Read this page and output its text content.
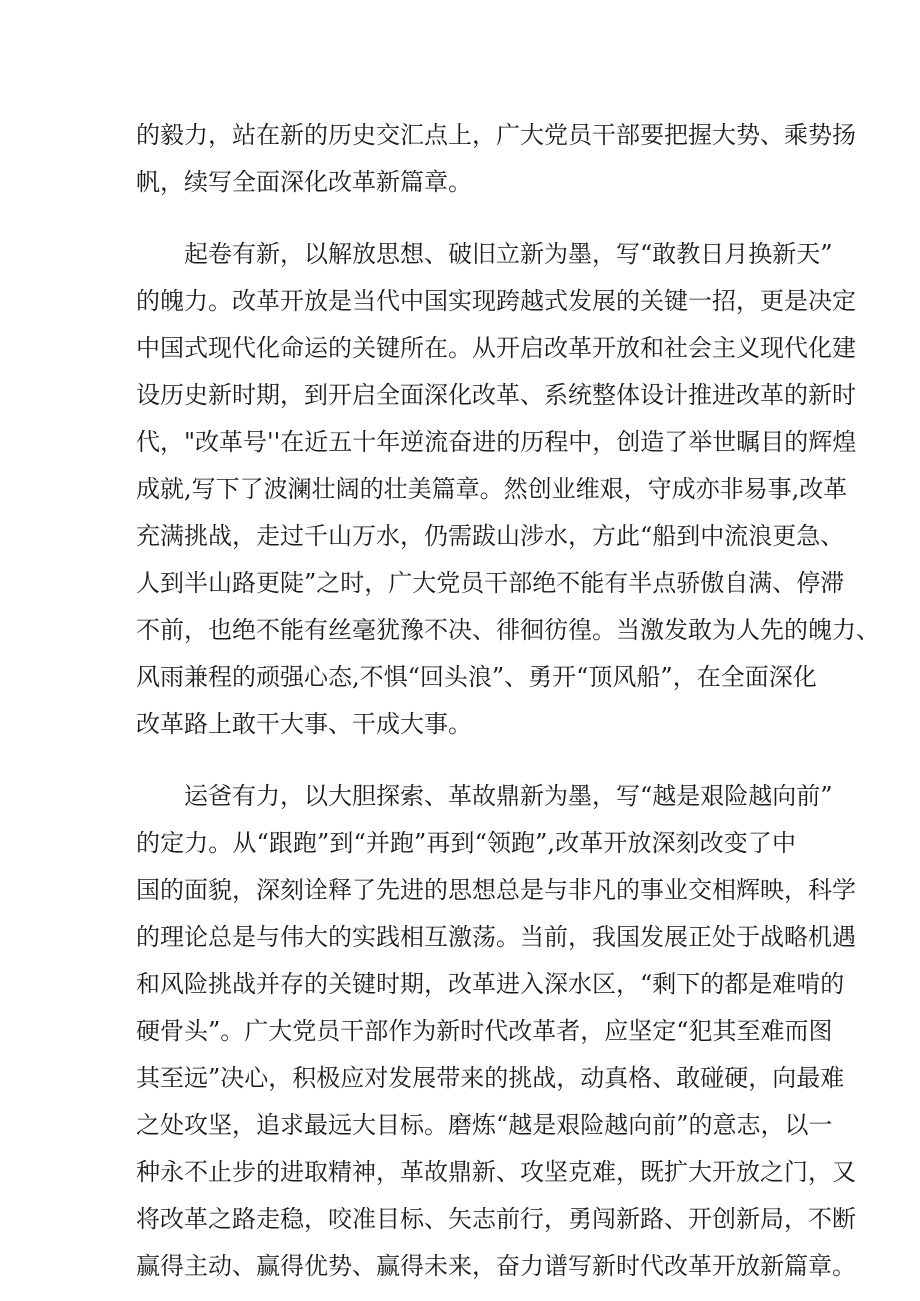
的毅力，站在新的历史交汇点上，广大党员干部要把握大势、乘势扬
帆，续写全面深化改革新篇章。
起卷有新，以解放思想、破旧立新为墨，写“敢教日月换新天”
的魄力。改革开放是当代中国实现跨越式发展的关键一招，更是决定
中国式现代化命运的关键所在。从开启改革开放和社会主义现代化建
设历史新时期，到开启全面深化改革、系统整体设计推进改革的新时
代，"改革号''在近五十年逆流奋进的历程中，创造了举世瞩目的辉煌
成就,写下了波澜壮阔的壮美篇章。然创业维艰，守成亦非易事,改革
充满挑战，走过千山万水，仍需跋山涉水，方此“船到中流浪更急、
人到半山路更陡”之时，广大党员干部绝不能有半点骄傲自满、停滞
不前，也绝不能有丝毫犹豫不决、徘徊彷徨。当激发敢为人先的魄力、
风雨兼程的顽强心态,不惧“回头浪”、勇开“顶风船”，在全面深化
改革路上敢干大事、干成大事。
运爸有力，以大胆探索、革故鼎新为墨，写“越是艰险越向前”
的定力。从“跟跑”到“并跑”再到“领跑”,改革开放深刻改变了中
国的面貌，深刻诠释了先进的思想总是与非凡的事业交相辉映，科学
的理论总是与伟大的实践相互激荡。当前，我国发展正处于战略机遇
和风险挑战并存的关键时期，改革进入深水区，“剩下的都是难啃的
硬骨头”。广大党员干部作为新时代改革者，应坚定“犯其至难而图
其至远”决心，积极应对发展带来的挑战，动真格、敢碰硬，向最难
之处攻坚，追求最远大目标。磨炼“越是艰险越向前”的意志，以一
种永不止步的进取精神，革故鼎新、攻坚克难，既扩大开放之门，又
将改革之路走稳，咬准目标、矢志前行，勇闯新路、开创新局，不断
赢得主动、赢得优势、赢得未来，奋力谱写新时代改革开放新篇章。
